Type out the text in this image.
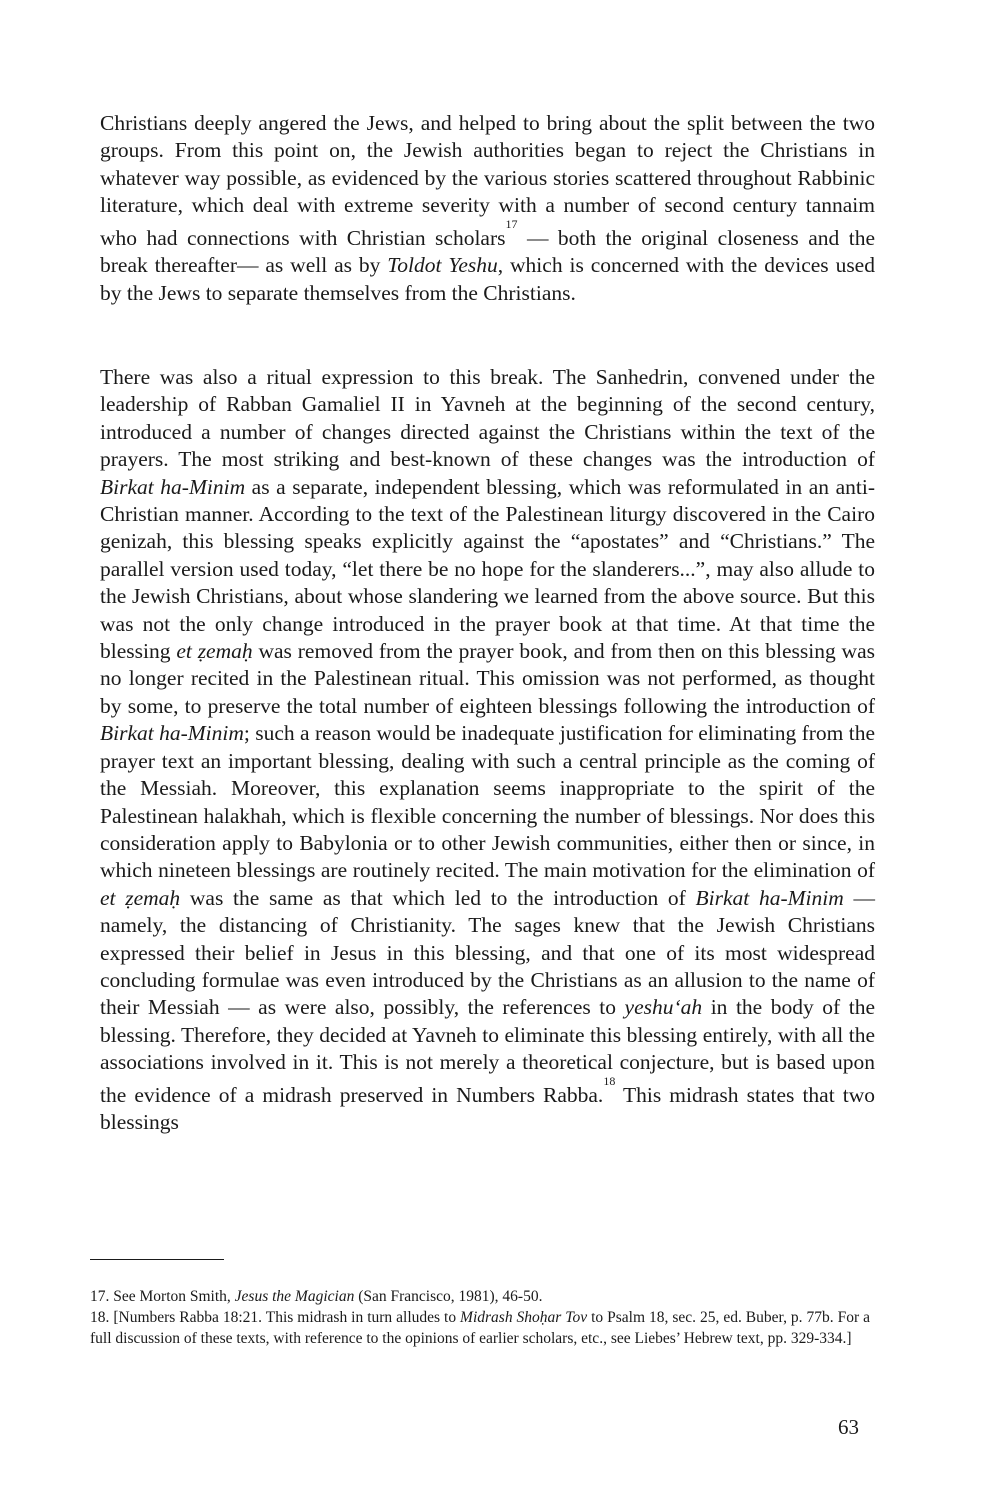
Christians deeply angered the Jews, and helped to bring about the split between the two groups. From this point on, the Jewish authorities began to reject the Christians in whatever way possible, as evidenced by the various stories scattered throughout Rabbinic literature, which deal with extreme severity with a number of second century tannaim who had connections with Christian scholars$^{17}$ — both the original closeness and the break thereafter— as well as by Toldot Yeshu, which is concerned with the devices used by the Jews to separate themselves from the Christians.

There was also a ritual expression to this break. The Sanhedrin, convened under the leadership of Rabban Gamaliel II in Yavneh at the beginning of the second century, introduced a number of changes directed against the Christians within the text of the prayers. The most striking and best-known of these changes was the introduction of Birkat ha-Minim as a separate, independent blessing, which was reformulated in an anti-Christian manner. According to the text of the Palestinean liturgy discovered in the Cairo genizah, this blessing speaks explicitly against the “apostates” and “Christians.” The parallel version used today, “let there be no hope for the slanderers...”, may also allude to the Jewish Christians, about whose slandering we learned from the above source. But this was not the only change introduced in the prayer book at that time. At that time the blessing et ẓemaḥ was removed from the prayer book, and from then on this blessing was no longer recited in the Palestinean ritual. This omission was not performed, as thought by some, to preserve the total number of eighteen blessings following the introduction of Birkat ha-Minim; such a reason would be inadequate justification for eliminating from the prayer text an important blessing, dealing with such a central principle as the coming of the Messiah. Moreover, this explanation seems inappropriate to the spirit of the Palestinean halakhah, which is flexible concerning the number of blessings. Nor does this consideration apply to Babylonia or to other Jewish communities, either then or since, in which nineteen blessings are routinely recited. The main motivation for the elimination of et ẓemaḥ was the same as that which led to the introduction of Birkat ha-Minim — namely, the distancing of Christianity. The sages knew that the Jewish Christians expressed their belief in Jesus in this blessing, and that one of its most widespread concluding formulae was even introduced by the Christians as an allusion to the name of their Messiah — as were also, possibly, the references to yeshu‘ah in the body of the blessing. Therefore, they decided at Yavneh to eliminate this blessing entirely, with all the associations involved in it. This is not merely a theoretical conjecture, but is based upon the evidence of a midrash preserved in Numbers Rabba.$^{18}$ This midrash states that two blessings

17. See Morton Smith, Jesus the Magician (San Francisco, 1981), 46-50.

18. [Numbers Rabba 18:21. This midrash in turn alludes to Midrash Shoḥar Tov to Psalm 18, sec. 25, ed. Buber, p. 77b. For a full discussion of these texts, with reference to the opinions of earlier scholars, etc., see Liebes’ Hebrew text, pp. 329-334.]

63
